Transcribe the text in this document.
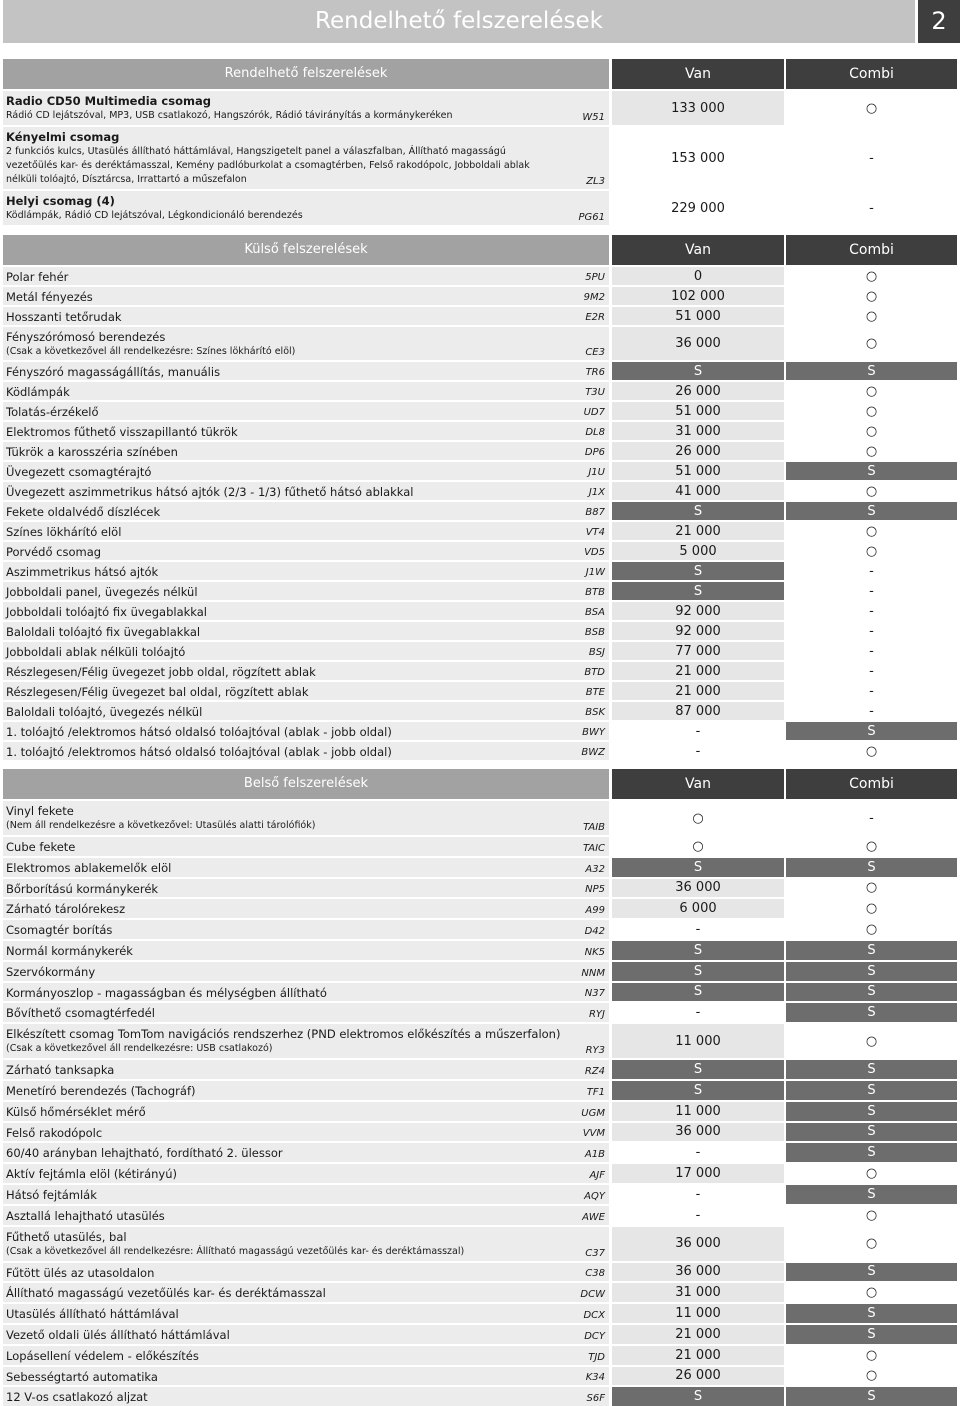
Rendelhető felszerelések	2
Rendelhető felszerelések	Van	Combi
Radio CD50 Multimedia csomag
Rádió CD lejátszóval, MP3, USB csatlakozó, Hangszórók, Rádió távirányítás a kormánykeréken	W51
133 000	○
Kényelmi csomag
2 funkciós kulcs, Utasülés állítható háttámlával, Hangszigetelt panel a válaszfalban, Állítható magasságú
vezetőülés kar- és deréktámasszal, Kemény padlóburkolat a csomagtérben, Felső rakodópolc, Jobboldali ablak
nélküli tolóajtó, Dísztárcsa, Irrattartó a műszefalon	ZL3
153 000	-
Helyi csomag (4)
Ködlámpák, Rádió CD lejátszóval, Légkondicionáló berendezés	PG61
229 000	-
Külső felszerelések	Van	Combi
Polar fehér	5PU	0	○
Metál fényezés	9M2	102 000	○
Hosszanti tetőrudak	E2R	51 000	○
Fényszórómosó berendezés
(Csak a következővel áll rendelkezésre: Színes lökhárító elöl)	CE3
36 000	○
Fényszóró magasságállítás, manuális	TR6	S	S
Ködlámpák	T3U	26 000	○
Tolatás-érzékelő	UD7	51 000	○
Elektromos fűthető visszapillantó tükrök	DL8	31 000	○
Tükrök a karosszéria színében	DP6	26 000	○
Üvegezett csomagtérajtó	J1U	51 000	S
Üvegezett aszimmetrikus hátsó ajtók (2/3 - 1/3) fűthető hátsó ablakkal	J1X	41 000	○
Fekete oldalvédő díszlécek	B87	S	S
Színes lökhárító elöl	VT4	21 000	○
Porvédő csomag	VD5	5 000	○
Aszimmetrikus hátsó ajtók	J1W	S	-
Jobboldali panel, üvegezés nélkül	BTB	S	-
Jobboldali tolóajtó fix üvegablakkal	BSA	92 000	-
Baloldali tolóajtó fix üvegablakkal	BSB	92 000	-
Jobboldali ablak nélküli tolóajtó	BSJ	77 000	-
Részlegesen/Félig üvegezet jobb oldal, rögzített ablak	BTD	21 000	-
Részlegesen/Félig üvegezet bal oldal, rögzített ablak	BTE	21 000	-
Baloldali tolóajtó, üvegezés nélkül	BSK	87 000	-
1. tolóajtó /elektromos hátsó oldalsó tolóajtóval (ablak - jobb oldal)	BWY	-	S
1. tolóajtó /elektromos hátsó oldalsó tolóajtóval (ablak - jobb oldal)	BWZ	-	○
Belső felszerelések	Van	Combi
Vinyl fekete
(Nem áll rendelkezésre a következővel: Utasülés alatti tárolófiók)	TAIB
○	-
Cube fekete	TAIC	○	○
Elektromos ablakemelők elöl	A32	S	S
Bőrborítású kormánykerék	NP5	36 000	○
Zárható tárolórekesz	A99	6 000	○
Csomagtér borítás	D42	-	○
Normál kormánykerék	NK5	S	S
Szervókormány	NNM	S	S
Kormányoszlop - magasságban és mélységben állítható	N37	S	S
Bővíthető csomagtérfedél	RYJ	-	S
Elkészített csomag TomTom navigációs rendszerhez (PND elektromos előkészítés a műszerfalon)
(Csak a következővel áll rendelkezésre: USB csatlakozó)	RY3
11 000	○
Zárható tanksapka	RZ4	S	S
Menetíró berendezés (Tachográf)	TF1	S	S
Külső hőmérséklet mérő	UGM	11 000	S
Felső rakodópolc	VVM	36 000	S
60/40 arányban lehajtható, fordítható 2. ülessor	A1B	-	S
Aktív fejtámla elöl (kétirányú)	AJF	17 000	○
Hátsó fejtámlák	AQY	-	S
Asztallá lehajtható utasülés	AWE	-	○
Fűthető utasülés, bal
(Csak a következővel áll rendelkezésre: Állítható magasságú vezetőülés kar- és deréktámasszal)	C37
36 000	○
Fűtött ülés az utasoldalon	C38	36 000	S
Állítható magasságú vezetőülés kar- és deréktámasszal	DCW	31 000	○
Utasülés állítható háttámlával	DCX	11 000	S
Vezető oldali ülés állítható háttámlával	DCY	21 000	S
Lopásellení védelem - előkészítés	TJD	21 000	○
Sebességtartó automatika	K34	26 000	○
12 V-os csatlakozó aljzat	S6F	S	S
